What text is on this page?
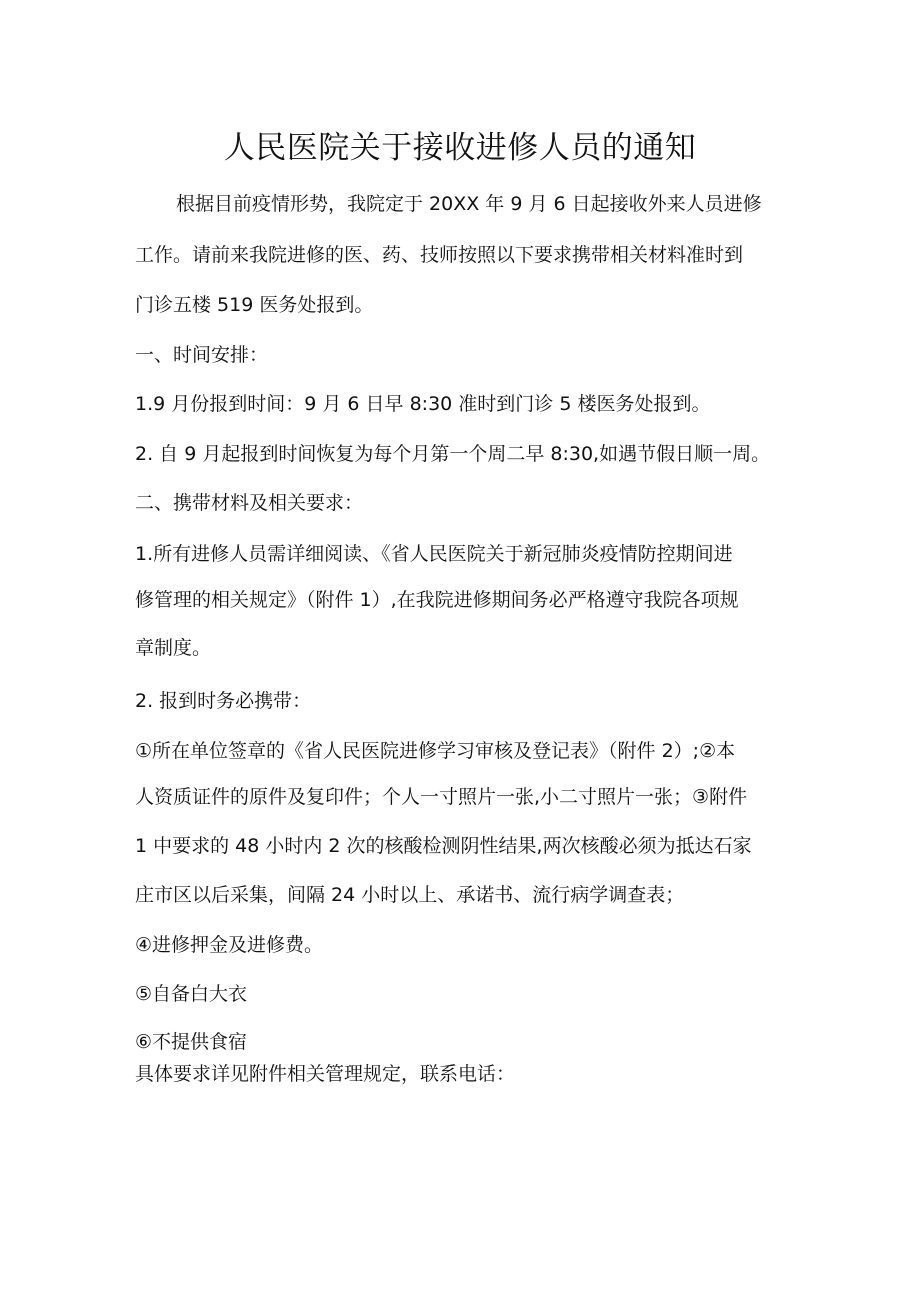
人民医院关于接收进修人员的通知

根据目前疫情形势，我院定于 20XX 年 9 月 6 日起接收外来人员进修

工作。请前来我院进修的医、药、技师按照以下要求携带相关材料准时到

门诊五楼 519 医务处报到。

一、时间安排：

1.9 月份报到时间：9 月 6 日早 8:30 准时到门诊 5 楼医务处报到。

2. 自 9 月起报到时间恢复为每个月第一个周二早 8:30,如遇节假日顺一周。

二、携带材料及相关要求：

1.所有进修人员需详细阅读、《省人民医院关于新冠肺炎疫情防控期间进

修管理的相关规定》（附件 1）,在我院进修期间务必严格遵守我院各项规

章制度。

2. 报到时务必携带：

①所在单位签章的《省人民医院进修学习审核及登记表》（附件 2）;②本

人资质证件的原件及复印件；个人一寸照片一张,小二寸照片一张；③附件

1 中要求的 48 小时内 2 次的核酸检测阴性结果,两次核酸必须为抵达石家

庄市区以后采集，间隔 24 小时以上、承诺书、流行病学调查表；

④进修押金及进修费。

⑤自备白大衣

⑥不提供食宿

具体要求详见附件相关管理规定，联系电话：
